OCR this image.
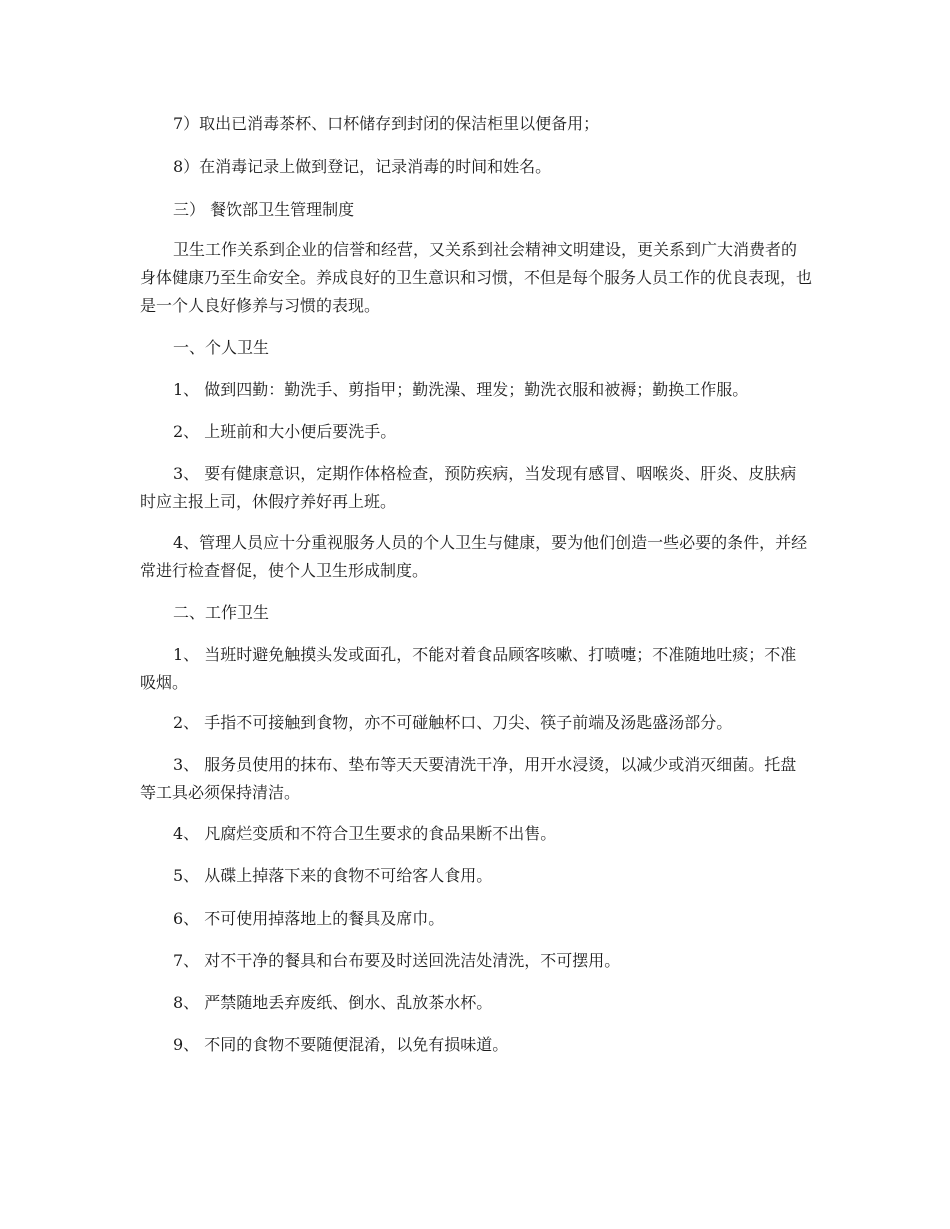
7）取出已消毒茶杯、口杯储存到封闭的保洁柜里以便备用；

8）在消毒记录上做到登记，记录消毒的时间和姓名。

三） 餐饮部卫生管理制度

卫生工作关系到企业的信誉和经营，又关系到社会精神文明建设，更关系到广大消费者的身体健康乃至生命安全。养成良好的卫生意识和习惯，不但是每个服务人员工作的优良表现，也是一个人良好修养与习惯的表现。

一、个人卫生

1、 做到四勤：勤洗手、剪指甲；勤洗澡、理发；勤洗衣服和被褥；勤换工作服。

2、 上班前和大小便后要洗手。

3、 要有健康意识，定期作体格检查，预防疾病，当发现有感冒、咽喉炎、肝炎、皮肤病时应主报上司，休假疗养好再上班。

4、管理人员应十分重视服务人员的个人卫生与健康，要为他们创造一些必要的条件，并经常进行检查督促，使个人卫生形成制度。

二、工作卫生

1、 当班时避免触摸头发或面孔，不能对着食品顾客咳嗽、打喷嚏；不准随地吐痰；不准吸烟。

2、 手指不可接触到食物，亦不可碰触杯口、刀尖、筷子前端及汤匙盛汤部分。

3、 服务员使用的抹布、垫布等天天要清洗干净，用开水浸烫，以减少或消灭细菌。托盘等工具必须保持清洁。

4、 凡腐烂变质和不符合卫生要求的食品果断不出售。

5、 从碟上掉落下来的食物不可给客人食用。

6、 不可使用掉落地上的餐具及席巾。

7、 对不干净的餐具和台布要及时送回洗洁处清洗，不可摆用。

8、 严禁随地丢弃废纸、倒水、乱放茶水杯。

9、 不同的食物不要随便混淆，以免有损味道。
